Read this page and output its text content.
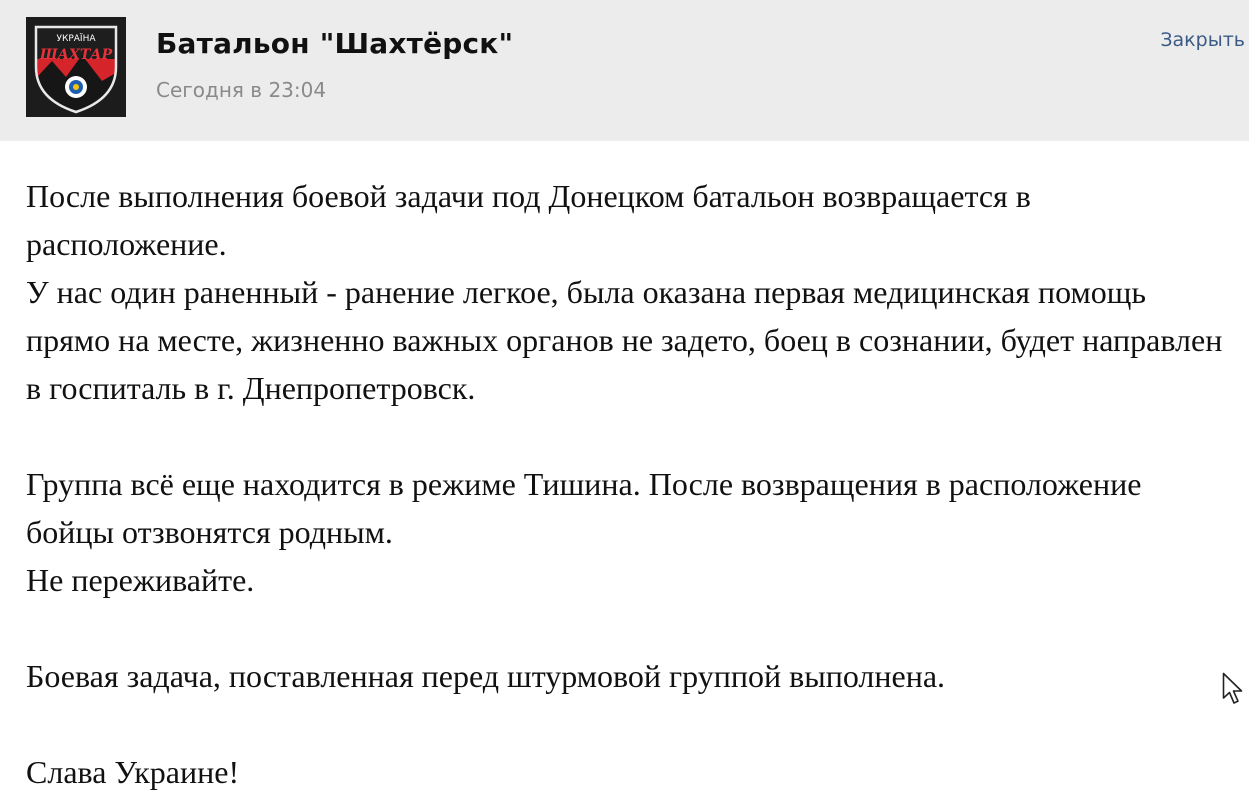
УКРАЇНА
ШАХТАР Батальон "Шахтёрск"
Сегодня в 23:04
Закрыть

После выполнения боевой задачи под Донецком батальон возвращается в расположение.

У нас один раненный - ранение легкое, была оказана первая медицинская помощь прямо на месте, жизненно важных органов не задето, боец в сознании, будет направлен в госпиталь в г. Днепропетровск.

Группа всё еще находится в режиме Тишина. После возвращения в расположение бойцы отзвонятся родным.

Не переживайте.

Боевая задача, поставленная перед штурмовой группой выполнена.

Слава Украине!
